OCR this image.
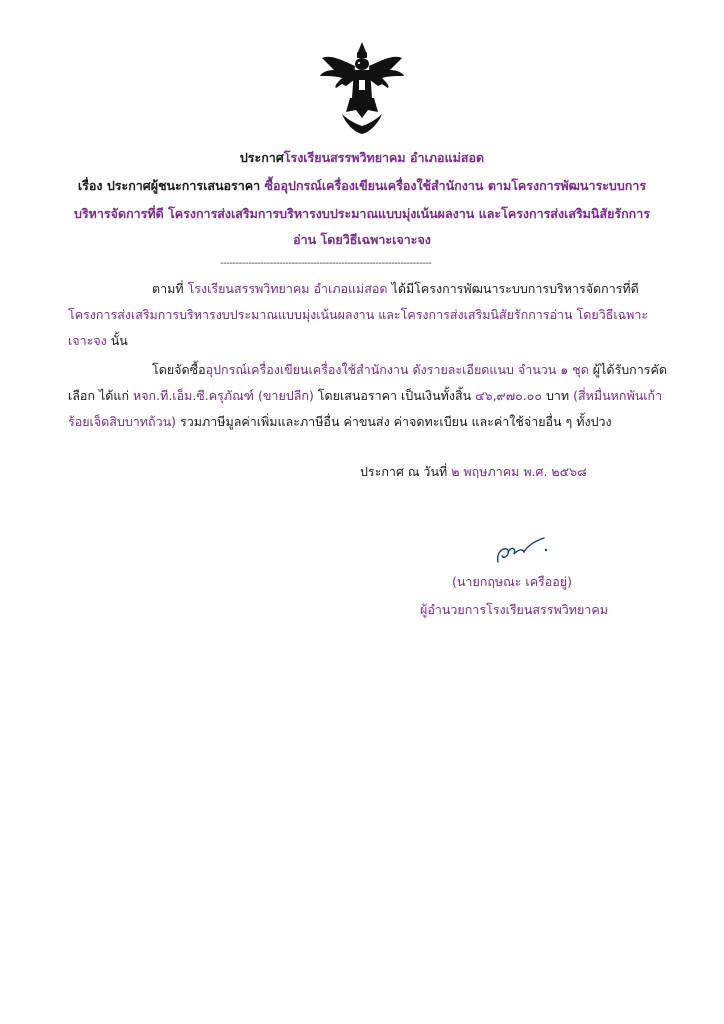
ประกาศโรงเรียนสรรพวิทยาคม อำเภอแม่สอด
เรื่อง ประกาศผู้ชนะการเสนอราคา ซื้ออุปกรณ์เครื่องเขียนเครื่องใช้สำนักงาน ตามโครงการพัฒนาระบบการ
บริหารจัดการที่ดี โครงการส่งเสริมการบริหารงบประมาณแบบมุ่งเน้นผลงาน และโครงการส่งเสริมนิสัยรักการ
อ่าน โดยวิธีเฉพาะเจาะจง
--------------------------------------------------------------------
ตามที่ โรงเรียนสรรพวิทยาคม อำเภอแม่สอด ได้มีโครงการพัฒนาระบบการบริหารจัดการที่ดี
โครงการส่งเสริมการบริหารงบประมาณแบบมุ่งเน้นผลงาน และโครงการส่งเสริมนิสัยรักการอ่าน โดยวิธีเฉพาะ
เจาะจง นั้น
โดยจัดซื้ออุปกรณ์เครื่องเขียนเครื่องใช้สำนักงาน ดังรายละเอียดแนบ จำนวน ๑ ชุด ผู้ได้รับการคัด
เลือก ได้แก่ หจก.ที.เอ็ม.ซี.ครุภัณฑ์ (ขายปลีก) โดยเสนอราคา เป็นเงินทั้งสิ้น ๔๖,๙๗๐.๐๐ บาท (สี่หมื่นหกพันเก้า
ร้อยเจ็ดสิบบาทถ้วน) รวมภาษีมูลค่าเพิ่มและภาษีอื่น ค่าขนส่ง ค่าจดทะเบียน และค่าใช้จ่ายอื่น ๆ ทั้งปวง
ประกาศ ณ วันที่ ๒ พฤษภาคม พ.ศ. ๒๕๖๘
(นายกฤษณะ เครืออยู่)
ผู้อำนวยการโรงเรียนสรรพวิทยาคม
